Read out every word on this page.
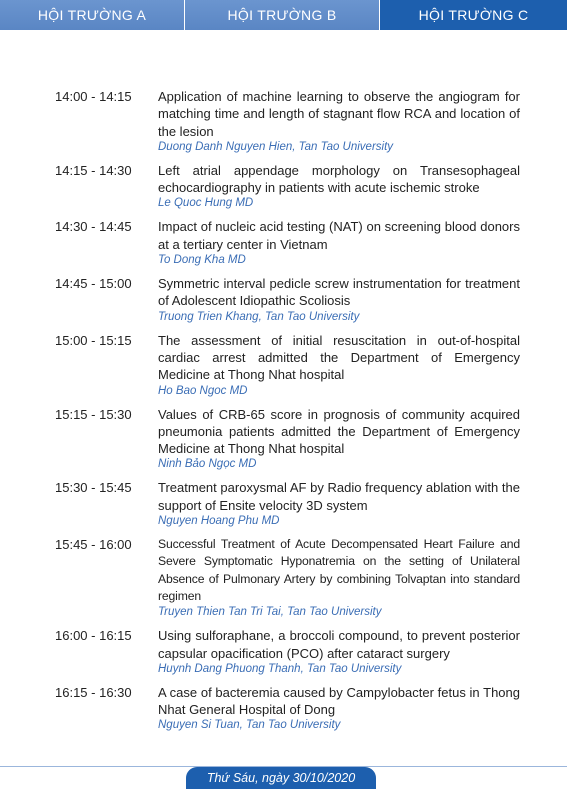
HỘI TRƯỜNG A	HỘI TRƯỜNG B	HỘI TRƯỜNG C
14:00 - 14:15	Application of machine learning to observe the angiogram for matching time and length of stagnant flow RCA and location of the lesion
Duong Danh Nguyen Hien, Tan Tao University
14:15 - 14:30	Left atrial appendage morphology on Transesophageal echocardiography in patients with acute ischemic stroke
Le Quoc Hung MD
14:30 - 14:45	Impact of nucleic acid testing (NAT) on screening blood donors at a tertiary center in Vietnam
To Dong Kha MD
14:45 - 15:00	Symmetric interval pedicle screw instrumentation for treatment of Adolescent Idiopathic Scoliosis
Truong Trien Khang, Tan Tao University
15:00 - 15:15	The assessment of initial resuscitation in out-of-hospital cardiac arrest admitted the Department of Emergency Medicine at Thong Nhat hospital
Ho Bao Ngoc MD
15:15 - 15:30	Values of CRB-65 score in prognosis of community acquired pneumonia patients admitted the Department of Emergency Medicine at Thong Nhat hospital
Ninh Bảo Ngọc MD
15:30 - 15:45	Treatment paroxysmal AF by Radio frequency ablation with the support of Ensite velocity 3D system
Nguyen Hoang Phu MD
15:45 - 16:00	Successful Treatment of Acute Decompensated Heart Failure and Severe Symptomatic Hyponatremia on the setting of Unilateral Absence of Pulmonary Artery by combining Tolvaptan into standard regimen
Truyen Thien Tan Tri Tai, Tan Tao University
16:00 - 16:15	Using sulforaphane, a broccoli compound, to prevent posterior capsular opacification (PCO) after cataract surgery
Huynh Dang Phuong Thanh, Tan Tao University
16:15 - 16:30	A case of bacteremia caused by Campylobacter fetus in Thong Nhat General Hospital of Dong
Nguyen Si Tuan, Tan Tao University
Thứ Sáu, ngày 30/10/2020
